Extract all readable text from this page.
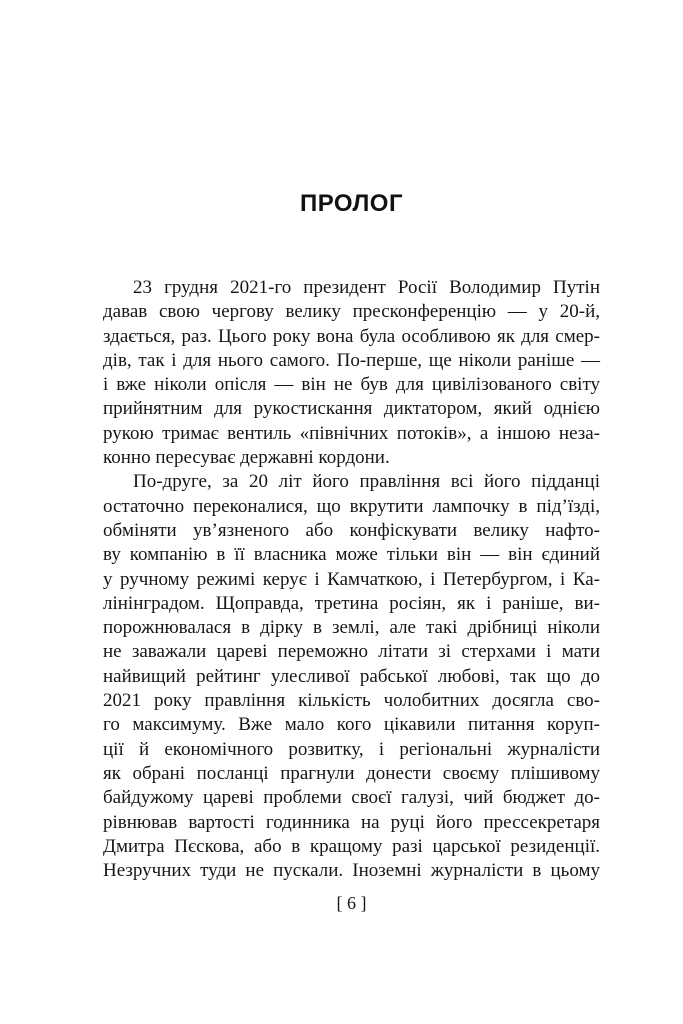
ПРОЛОГ
23 грудня 2021-го президент Росії Володимир Путін
давав свою чергову велику пресконференцію — у 20-й,
здається, раз. Цього року вона була особливою як для смер-
дів, так і для нього самого. По-перше, ще ніколи раніше —
і вже ніколи опісля — він не був для цивілізованого світу
прийнятним для рукостискання диктатором, який однією
рукою тримає вентиль «північних потоків», а іншою неза-
конно пересуває державні кордони.
По-друге, за 20 літ його правління всі його підданці
остаточно переконалися, що вкрутити лампочку в під’їзді,
обміняти ув’язненого або конфіскувати велику нафто-
ву компанію в її власника може тільки він — він єдиний
у ручному режимі керує і Камчаткою, і Петербургом, і Ка-
лінінградом. Щоправда, третина росіян, як і раніше, ви-
порожнювалася в дірку в землі, але такі дрібниці ніколи
не заважали цареві переможно літати зі стерхами і мати
найвищий рейтинг улесливої рабської любові, так що до
2021 року правління кількість чолобитних досягла сво-
го максимуму. Вже мало кого цікавили питання коруп-
ції й економічного розвитку, і регіональні журналісти
як обрані посланці прагнули донести своєму плішивому
байдужому цареві проблеми своєї галузі, чий бюджет до-
рівнював вартості годинника на руці його прессекретаря
Дмитра Пєскова, або в кращому разі царської резиденції.
Незручних туди не пускали. Іноземні журналісти в цьому
[ 6 ]
